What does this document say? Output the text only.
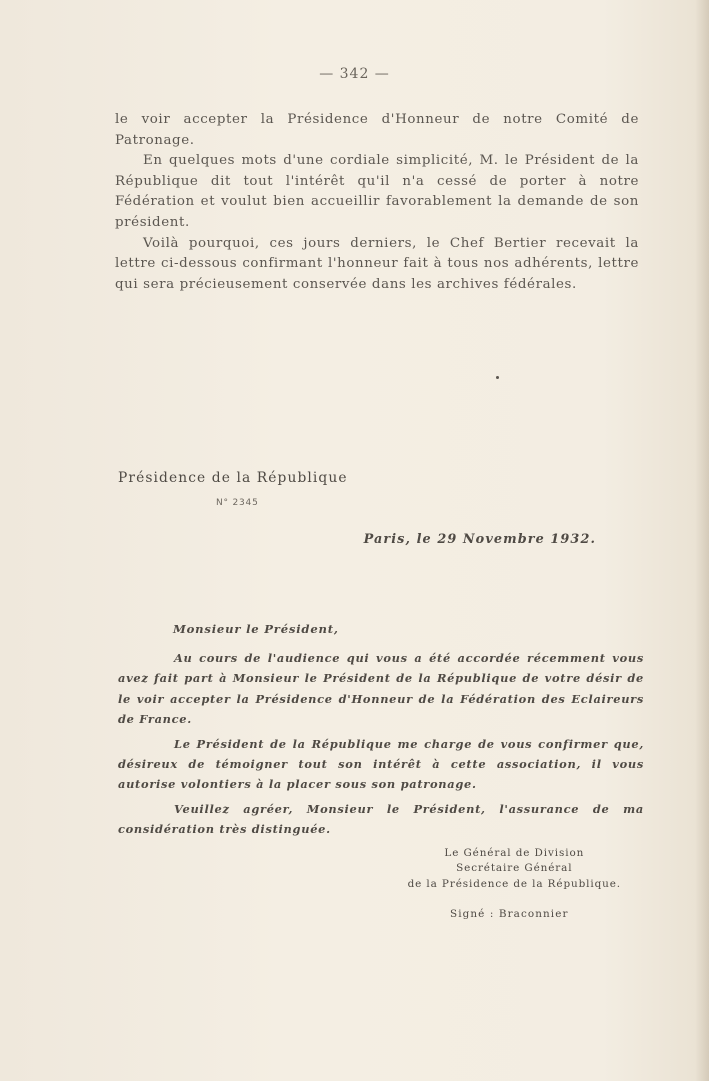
— 342 —

le voir accepter la Présidence d'Honneur de notre Comité de Patronage.

En quelques mots d'une cordiale simplicité, M. le Président de la République dit tout l'intérêt qu'il n'a cessé de porter à notre Fédération et voulut bien accueillir favorablement la demande de son président.

Voilà pourquoi, ces jours derniers, le Chef Bertier recevait la lettre ci-dessous confirmant l'honneur fait à tous nos adhérents, lettre qui sera précieusement conservée dans les archives fédérales.

Présidence de la République
N° 2345
Paris, le 29 Novembre 1932.
Monsieur le Président,

Au cours de l'audience qui vous a été accordée récemment vous avez fait part à Monsieur le Président de la République de votre désir de le voir accepter la Présidence d'Honneur de la Fédération des Eclaireurs de France.

Le Président de la République me charge de vous confirmer que, désireux de témoigner tout son intérêt à cette association, il vous autorise volontiers à la placer sous son patronage.

Veuillez agréer, Monsieur le Président, l'assurance de ma considération très distinguée.

Le Général de Division
Secrétaire Général
de la Présidence de la République.
Signé : Braconnier
